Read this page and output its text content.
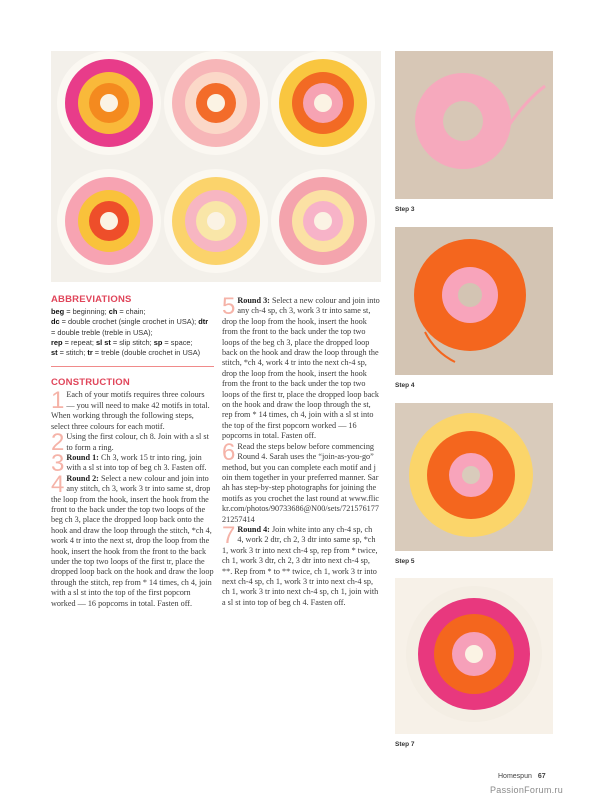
Step 3
Step 4
Step 5
Step 7
ABBREVIATIONS
beg = beginning; ch = chain;
dc = double crochet (single crochet in USA); dtr = double treble (treble in USA);
rep = repeat; sl st = slip stitch; sp = space;
st = stitch; tr = treble (double crochet in USA)
CONSTRUCTION

1 Each of your motifs requires three colours — you will need to make 42 motifs in total. When working through the following steps, select three colours for each motif.

2 Using the first colour, ch 8. Join with a sl st to form a ring.

3 Round 1: Ch 3, work 15 tr into ring, join with a sl st into top of beg ch 3. Fasten off.

4 Round 2: Select a new colour and join into any stitch, ch 3, work 3 tr into same st, drop the loop from the hook, insert the hook from the front to the back under the top two loops of the beg ch 3, place the dropped loop back onto the hook and draw the loop through the stitch, *ch 4, work 4 tr into the next st, drop the loop from the hook, insert the hook from the front to the back under the top two loops of the first tr, place the dropped loop back on the hook and draw the loop through the stitch, rep from * 14 times, ch 4, join with a sl st into the top of the first popcorn worked — 16 popcorns in total. Fasten off.

5 Round 3: Select a new colour and join into any ch-4 sp, ch 3, work 3 tr into same st, drop the loop from the hook, insert the hook from the front to the back under the top two loops of the beg ch 3, place the dropped loop back on the hook and draw the loop through the stitch, *ch 4, work 4 tr into the next ch-4 sp, drop the loop from the hook, insert the hook from the front to the back under the top two loops of the first tr, place the dropped loop back on the hook and draw the loop through the st, rep from * 14 times, ch 4, join with a sl st into the top of the first popcorn worked — 16 popcorns in total. Fasten off.

6 Read the steps below before commencing Round 4. Sarah uses the “join-as-you-go” method, but you can complete each motif and join them together in your preferred manner. Sarah has step-by-step photographs for joining the motifs as you crochet the last round at www.flickr.com/photos/90733686@N00/sets/72157617721257414

7 Round 4: Join white into any ch-4 sp, ch 4, work 2 dtr, ch 2, 3 dtr into same sp, *ch 1, work 3 tr into next ch-4 sp, rep from * twice, ch 1, work 3 dtr, ch 2, 3 dtr into next ch-4 sp, **. Rep from * to ** twice, ch 1, work 3 tr into next ch-4 sp, ch 1, work 3 tr into next ch-4 sp, ch 1, work 3 tr into next ch-4 sp, ch 1, join with a sl st into top of beg ch 4. Fasten off.

Homespun 67
PassionForum.ru
